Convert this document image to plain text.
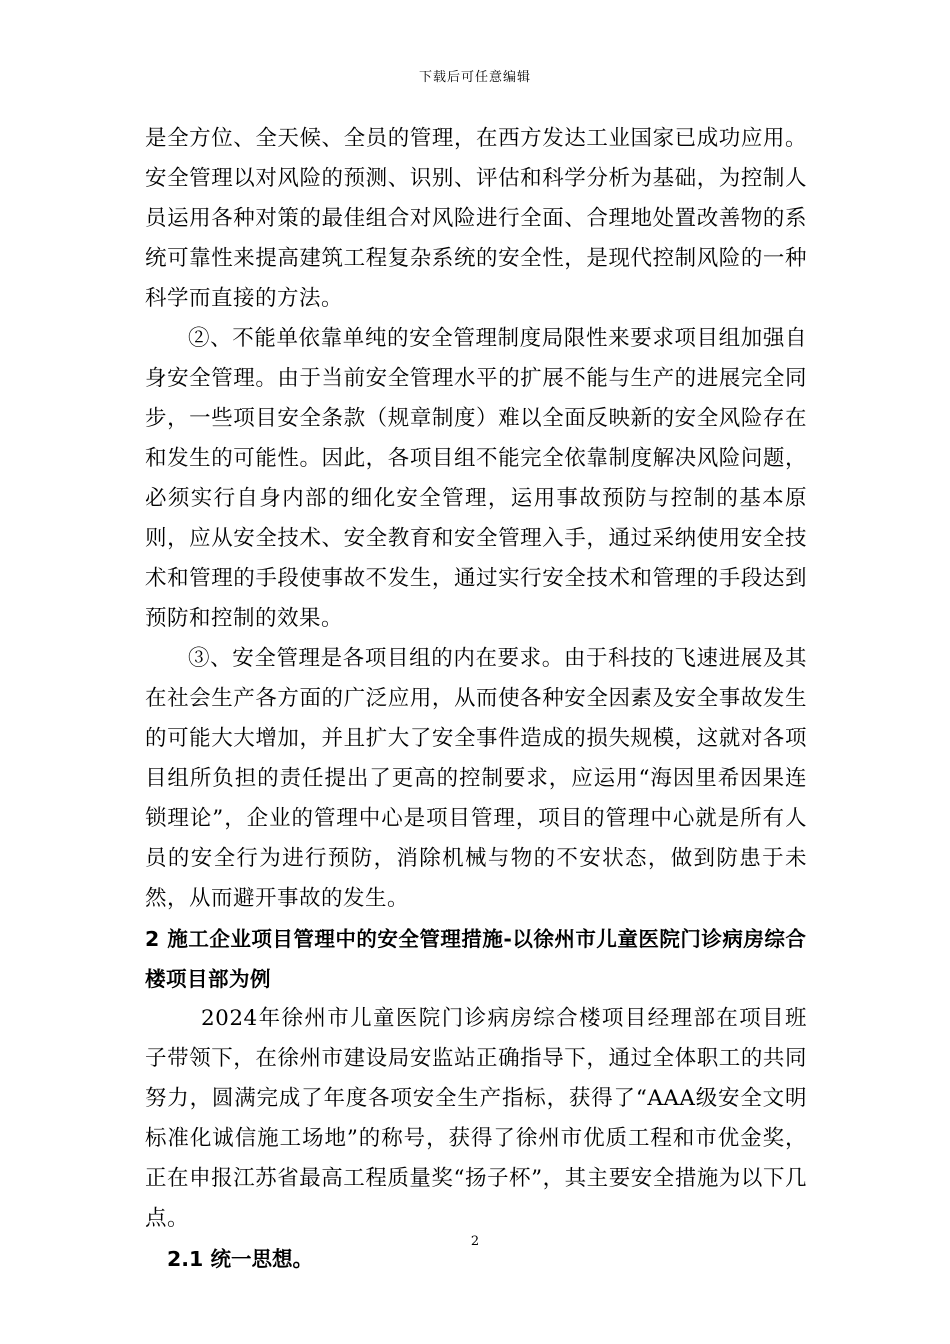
下载后可任意编辑

是全方位、全天候、全员的管理，在西方发达工业国家已成功应用。安全管理以对风险的预测、识别、评估和科学分析为基础，为控制人员运用各种对策的最佳组合对风险进行全面、合理地处置改善物的系统可靠性来提高建筑工程复杂系统的安全性，是现代控制风险的一种科学而直接的方法。

②、不能单依靠单纯的安全管理制度局限性来要求项目组加强自身安全管理。由于当前安全管理水平的扩展不能与生产的进展完全同步，一些项目安全条款（规章制度）难以全面反映新的安全风险存在和发生的可能性。因此，各项目组不能完全依靠制度解决风险问题，必须实行自身内部的细化安全管理，运用事故预防与控制的基本原则，应从安全技术、安全教育和安全管理入手，通过采纳使用安全技术和管理的手段使事故不发生，通过实行安全技术和管理的手段达到预防和控制的效果。

③、安全管理是各项目组的内在要求。由于科技的飞速进展及其在社会生产各方面的广泛应用，从而使各种安全因素及安全事故发生的可能大大增加，并且扩大了安全事件造成的损失规模，这就对各项目组所负担的责任提出了更高的控制要求，应运用“海因里希因果连锁理论”，企业的管理中心是项目管理，项目的管理中心就是所有人员的安全行为进行预防，消除机械与物的不安状态，做到防患于未然，从而避开事故的发生。

2 施工企业项目管理中的安全管理措施-以徐州市儿童医院门诊病房综合楼项目部为例

2024年徐州市儿童医院门诊病房综合楼项目经理部在项目班子带领下，在徐州市建设局安监站正确指导下，通过全体职工的共同努力，圆满完成了年度各项安全生产指标，获得了“AAA级安全文明标准化诚信施工场地”的称号，获得了徐州市优质工程和市优金奖，正在申报江苏省最高工程质量奖“扬子杯”，其主要安全措施为以下几点。

2.1 统一思想。
2
